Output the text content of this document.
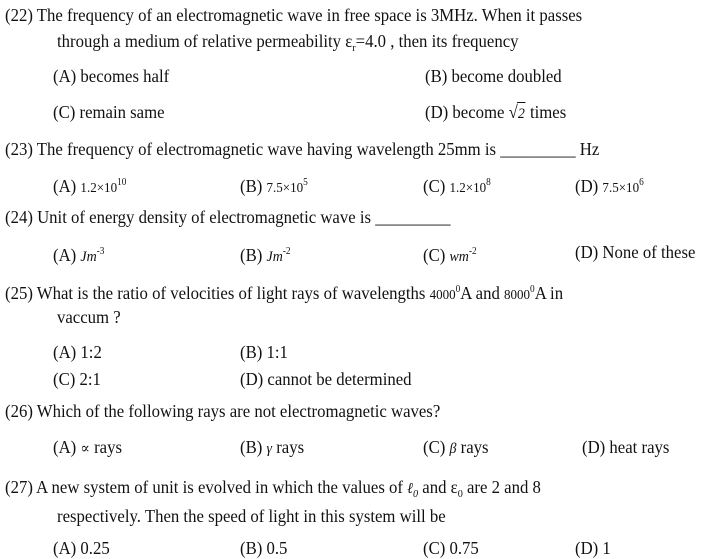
(22) The frequency of an electromagnetic wave in free space is 3MHz. When it passes
through a medium of relative permeability $\varepsilon_r=4.0$ , then its frequency
(A) becomes half	(B) become doubled
(C) remain same	(D) become √2 times
(23) The frequency of electromagnetic wave having wavelength 25mm is _________ Hz
(A) $1.2\times 10^{10}$	(B) $7.5\times 10^5$	(C) $1.2\times 10^8$	(D) $7.5\times 10^6$
(24) Unit of energy density of electromagnetic wave is _________
(A) $Jm^{-3}$	(B) $Jm^{-2}$	(C) $wm^{-2}$	(D) None of these
(25) What is the ratio of velocities of light rays of wavelengths 4000$^0$A and 8000$^0$A in
vaccum ?
(A) 1:2	(B) 1:1
(C) 2:1	(D) cannot be determined
(26) Which of the following rays are not electromagnetic waves?
(A) ∝ rays	(B) γ rays	(C) β rays	(D) heat rays
(27) A new system of unit is evolved in which the values of ℓ$_0$ and $\varepsilon_0$ are 2 and 8
respectively. Then the speed of light in this system will be
(A) 0.25	(B) 0.5	(C) 0.75	(D) 1
